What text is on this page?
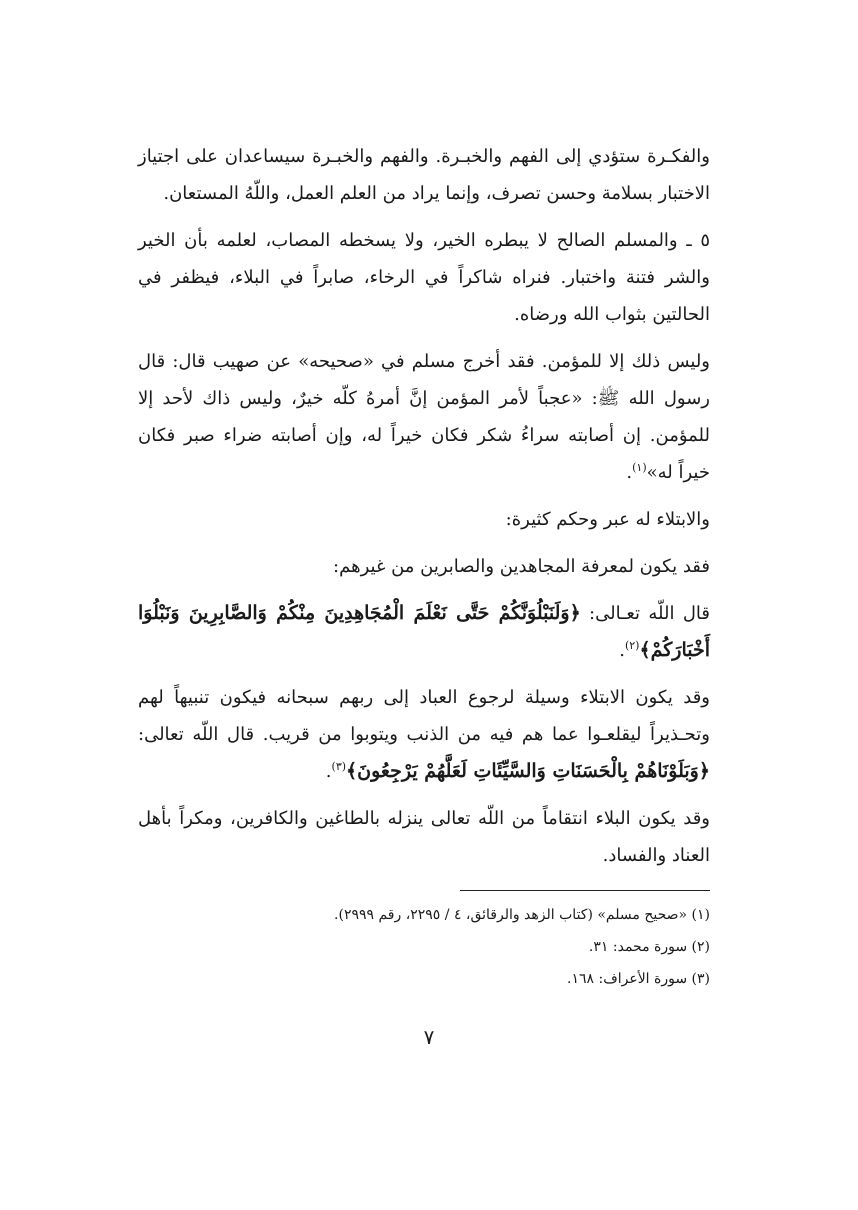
والفكـرة ستؤدي إلى الفهم والخبـرة. والفهم والخبـرة سيساعدان على اجتياز الاختبار بسلامة وحسن تصرف، وإنما يراد من العلم العمل، واللّهُ المستعان.

٥ ـ والمسلم الصالح لا يبطره الخير، ولا يسخطه المصاب، لعلمه بأن الخير والشر فتنة واختبار. فنراه شاكراً في الرخاء، صابراً في البلاء، فيظفر في الحالتين بثواب الله ورضاه.

وليس ذلك إلا للمؤمن. فقد أخرج مسلم في «صحيحه» عن صهيب قال: قال رسول الله ﷺ: «عجباً لأمر المؤمن إنَّ أمرهُ كلّه خيرٌ، وليس ذاك لأحد إلا للمؤمن. إن أصابته سراءُ شكر فكان خيراً له، وإن أصابته ضراء صبر فكان خيراً له»$^{(١)}$.

والابتلاء له عبر وحكم كثيرة:

فقد يكون لمعرفة المجاهدين والصابرين من غيرهم:

قال اللّه تعـالى: ﴿وَلَنَبْلُوَنَّكُمْ حَتَّى نَعْلَمَ الْمُجَاهِدِينَ مِنْكُمْ وَالصَّابِرِينَ وَنَبْلُوَا أَخْبَارَكُمْ﴾$^{(٢)}$.

وقد يكون الابتلاء وسيلة لرجوع العباد إلى ربهم سبحانه فيكون تنبيهاً لهم وتحـذيراً ليقلعـوا عما هم فيه من الذنب ويتوبوا من قريب. قال اللّه تعالى: ﴿وَبَلَوْنَاهُمْ بِالْحَسَنَاتِ وَالسَّيِّئَاتِ لَعَلَّهُمْ يَرْجِعُونَ﴾$^{(٣)}$.

وقد يكون البلاء انتقاماً من اللّه تعالى ينزله بالطاغين والكافرين، ومكراً بأهل العناد والفساد.

(١) «صحيح مسلم» (كتاب الزهد والرقائق، ٤ / ٢٢٩٥، رقم ٢٩٩٩).

(٢) سورة محمد: ٣١.

(٣) سورة الأعراف: ١٦٨.

٧
